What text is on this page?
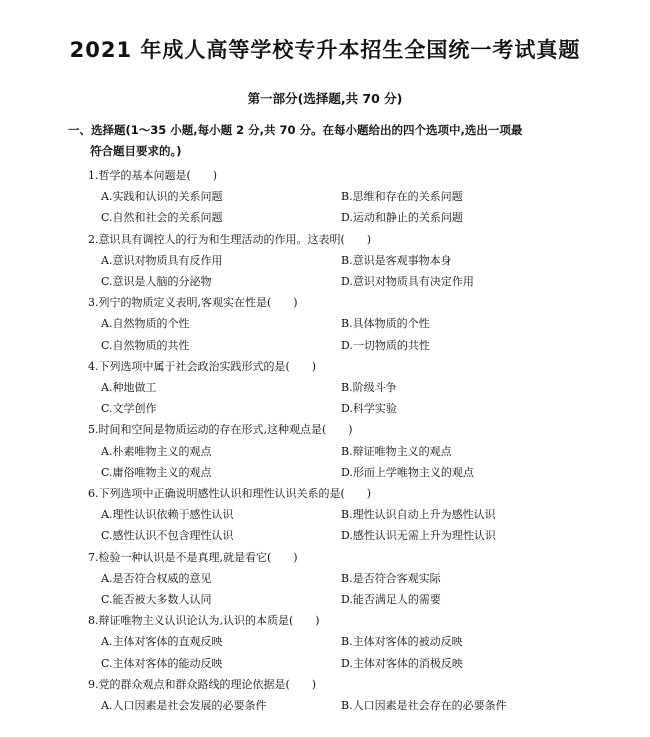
2021 年成人高等学校专升本招生全国统一考试真题
第一部分(选择题,共 70 分)
一、选择题(1～35 小题,每小题 2 分,共 70 分。在每小题给出的四个选项中,选出一项最
符合题目要求的。)
1.哲学的基本问题是(　　)
A.实践和认识的关系问题	B.思维和存在的关系问题
C.自然和社会的关系问题	D.运动和静止的关系问题
2.意识具有调控人的行为和生理活动的作用。这表明(　　)
A.意识对物质具有反作用	B.意识是客观事物本身
C.意识是人脑的分泌物	D.意识对物质具有决定作用
3.列宁的物质定义表明,客观实在性是(　　)
A.自然物质的个性	B.具体物质的个性
C.自然物质的共性	D.一切物质的共性
4.下列选项中属于社会政治实践形式的是(　　)
A.种地做工	B.阶级斗争
C.文学创作	D.科学实验
5.时间和空间是物质运动的存在形式,这种观点是(　　)
A.朴素唯物主义的观点	B.辩证唯物主义的观点
C.庸俗唯物主义的观点	D.形而上学唯物主义的观点
6.下列选项中正确说明感性认识和理性认识关系的是(　　)
A.理性认识依赖于感性认识	B.理性认识自动上升为感性认识
C.感性认识不包含理性认识	D.感性认识无需上升为理性认识
7.检验一种认识是不是真理,就是看它(　　)
A.是否符合权威的意见	B.是否符合客观实际
C.能否被大多数人认同	D.能否满足人的需要
8.辩证唯物主义认识论认为,认识的本质是(　　)
A.主体对客体的直观反映	B.主体对客体的被动反映
C.主体对客体的能动反映	D.主体对客体的消极反映
9.党的群众观点和群众路线的理论依据是(　　)
A.人口因素是社会发展的必要条件	B.人口因素是社会存在的必要条件
